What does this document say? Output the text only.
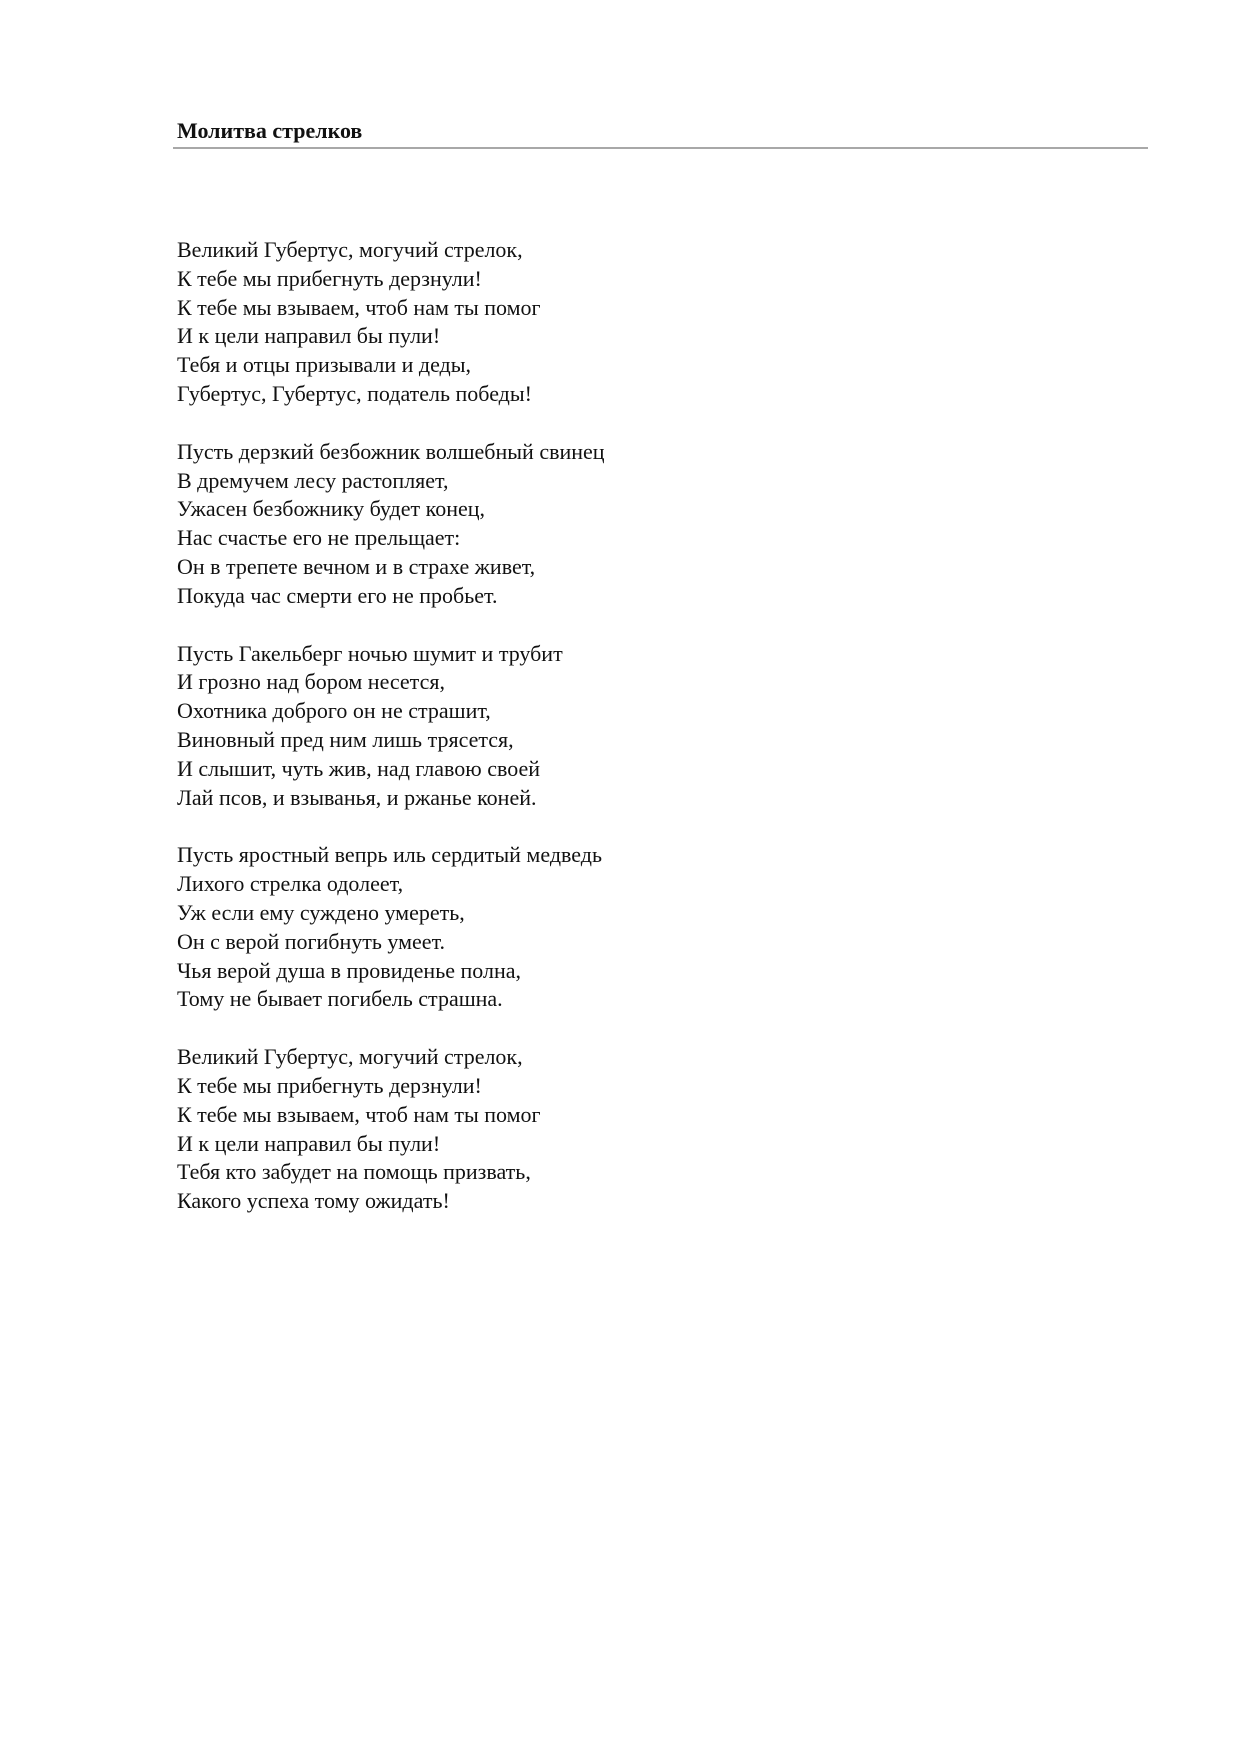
Молитва стрелков
Великий Губертус, могучий стрелок,
К тебе мы прибегнуть дерзнули!
К тебе мы взываем, чтоб нам ты помог
И к цели направил бы пули!
Тебя и отцы призывали и деды,
Губертус, Губертус, податель победы!
Пусть дерзкий безбожник волшебный свинец
В дремучем лесу растопляет,
Ужасен безбожнику будет конец,
Нас счастье его не прельщает:
Он в трепете вечном и в страхе живет,
Покуда час смерти его не пробьет.
Пусть Гакельберг ночью шумит и трубит
И грозно над бором несется,
Охотника доброго он не страшит,
Виновный пред ним лишь трясется,
И слышит, чуть жив, над главою своей
Лай псов, и взыванья, и ржанье коней.
Пусть яростный вепрь иль сердитый медведь
Лихого стрелка одолеет,
Уж если ему суждено умереть,
Он с верой погибнуть умеет.
Чья верой душа в провиденье полна,
Тому не бывает погибель страшна.
Великий Губертус, могучий стрелок,
К тебе мы прибегнуть дерзнули!
К тебе мы взываем, чтоб нам ты помог
И к цели направил бы пули!
Тебя кто забудет на помощь призвать,
Какого успеха тому ожидать!
